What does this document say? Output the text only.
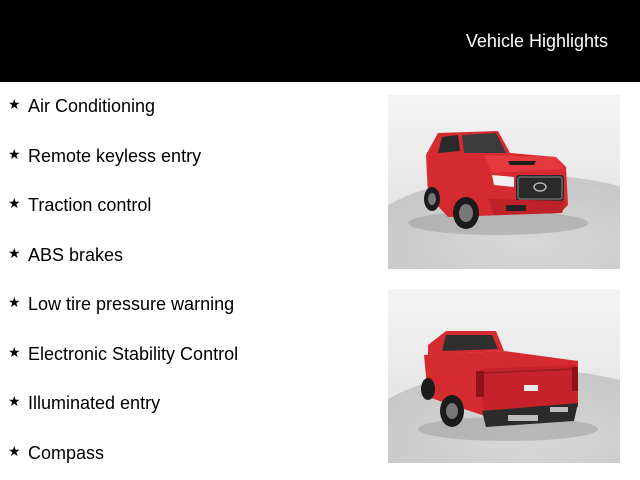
Vehicle Highlights
★ Air Conditioning
★ Remote keyless entry
★ Traction control
★ ABS brakes
★ Low tire pressure warning
★ Electronic Stability Control
★ Illuminated entry
★ Compass
